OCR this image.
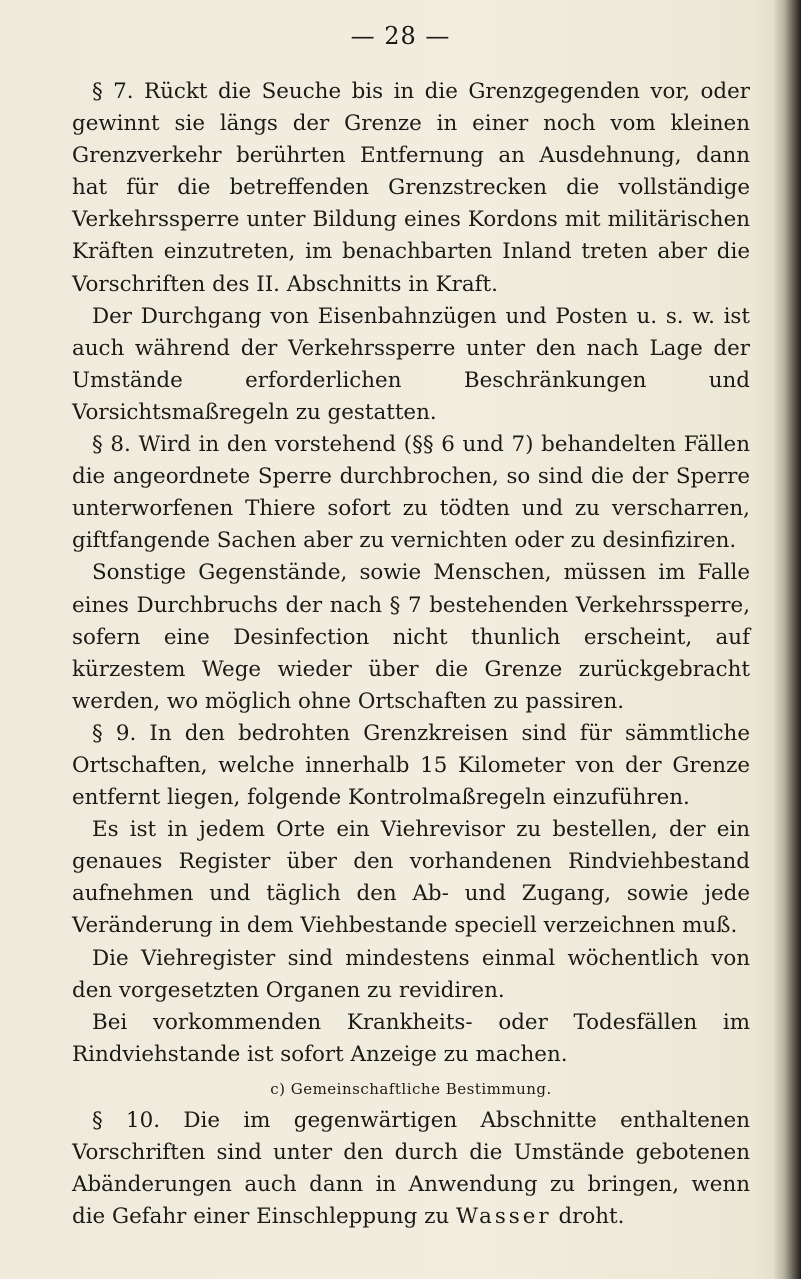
— 28 —

§ 7. Rückt die Seuche bis in die Grenzgegenden vor, oder gewinnt sie längs der Grenze in einer noch vom kleinen Grenzverkehr berührten Entfernung an Ausdehnung, dann hat für die betreffenden Grenzstrecken die vollständige Verkehrssperre unter Bildung eines Kordons mit militärischen Kräften einzutreten, im benachbarten Inland treten aber die Vorschriften des II. Abschnitts in Kraft.

Der Durchgang von Eisenbahnzügen und Posten u. s. w. ist auch während der Verkehrssperre unter den nach Lage der Umstände erforderlichen Beschränkungen und Vorsichtsmaßregeln zu gestatten.

§ 8. Wird in den vorstehend (§§ 6 und 7) behandelten Fällen die angeordnete Sperre durchbrochen, so sind die der Sperre unterworfenen Thiere sofort zu tödten und zu verscharren, giftfangende Sachen aber zu vernichten oder zu desinfiziren.

Sonstige Gegenstände, sowie Menschen, müssen im Falle eines Durchbruchs der nach § 7 bestehenden Verkehrssperre, sofern eine Desinfection nicht thunlich erscheint, auf kürzestem Wege wieder über die Grenze zurückgebracht werden, wo möglich ohne Ortschaften zu passiren.

§ 9. In den bedrohten Grenzkreisen sind für sämmtliche Ortschaften, welche innerhalb 15 Kilometer von der Grenze entfernt liegen, folgende Kontrolmaßregeln einzuführen.

Es ist in jedem Orte ein Viehrevisor zu bestellen, der ein genaues Register über den vorhandenen Rindviehbestand aufnehmen und täglich den Ab- und Zugang, sowie jede Veränderung in dem Viehbestande speciell verzeichnen muß.

Die Viehregister sind mindestens einmal wöchentlich von den vorgesetzten Organen zu revidiren.

Bei vorkommenden Krankheits- oder Todesfällen im Rindviehstande ist sofort Anzeige zu machen.

c) Gemeinschaftliche Bestimmung.

§ 10. Die im gegenwärtigen Abschnitte enthaltenen Vorschriften sind unter den durch die Umstände gebotenen Abänderungen auch dann in Anwendung zu bringen, wenn die Gefahr einer Einschleppung zu Wasser droht.
